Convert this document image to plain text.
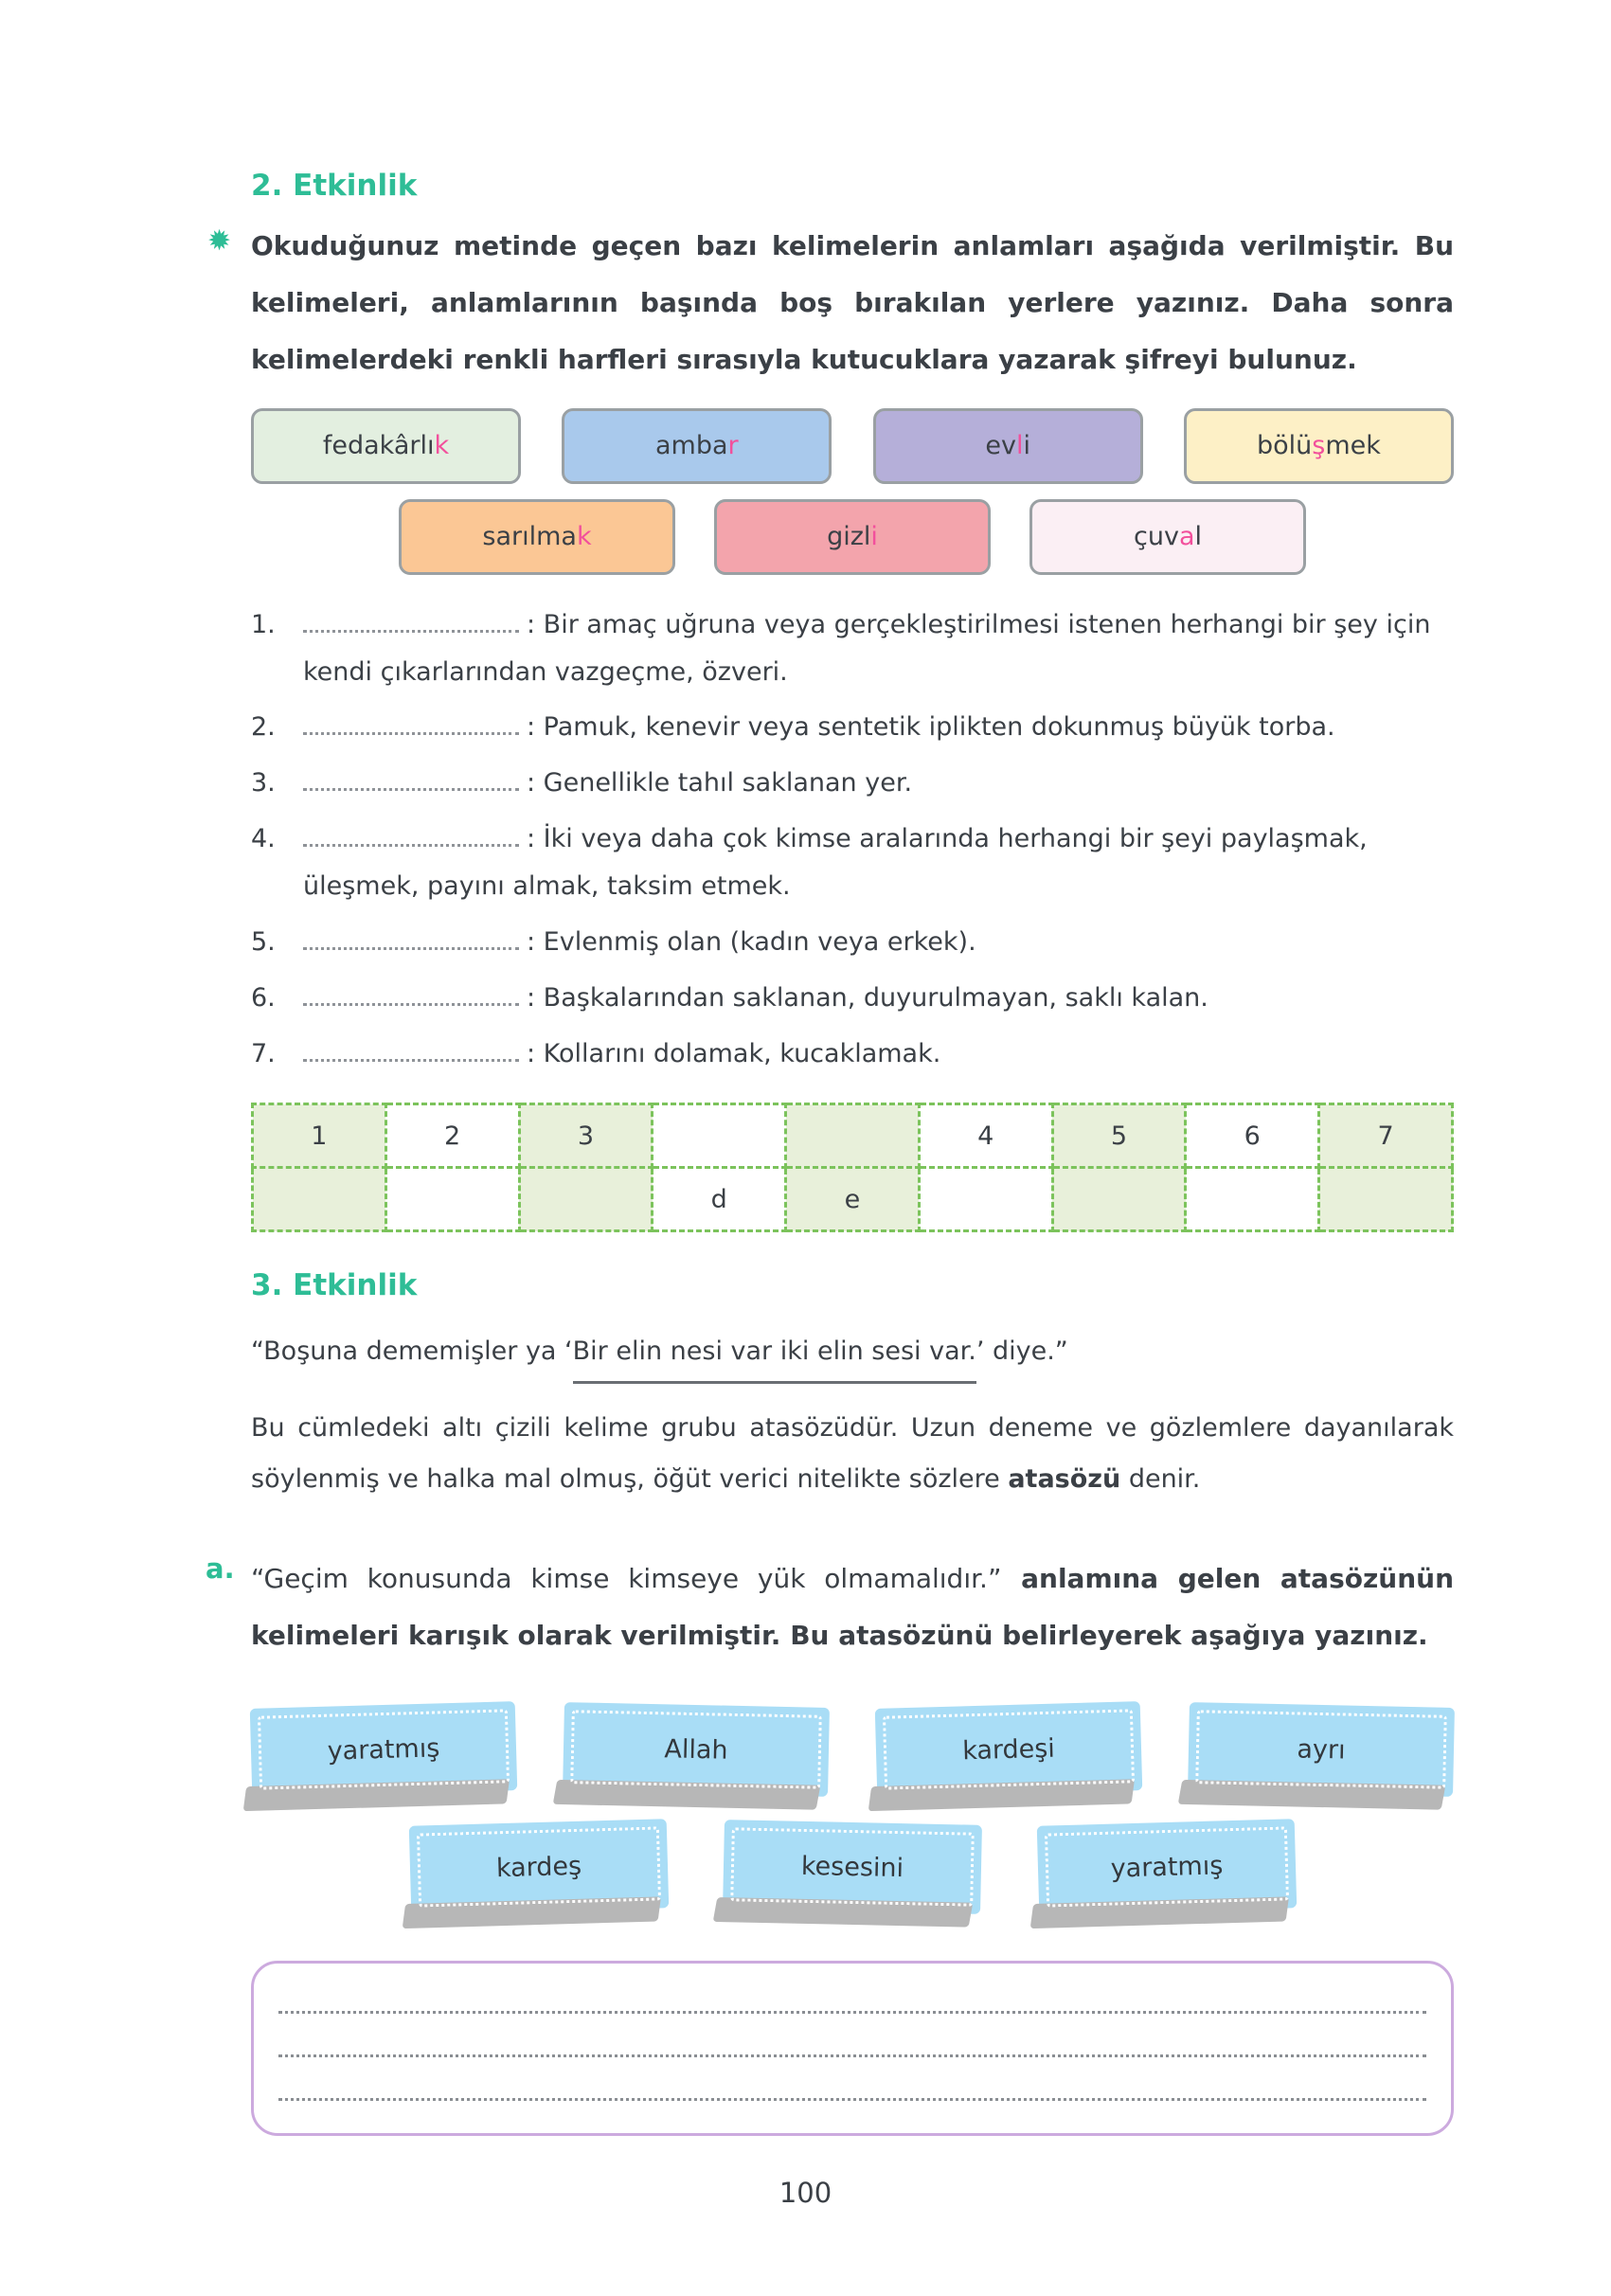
2. Etkinlik
✹ Okuduğunuz metinde geçen bazı kelimelerin anlamları aşağıda verilmiştir. Bu kelimeleri, anlamlarının başında boş bırakılan yerlere yazınız. Daha sonra kelimelerdeki renkli harfleri sırasıyla kutucuklara yazarak şifreyi bulunuz.

fedakârlık	ambar	evli	bölüşmek
sarılmak	gizli	çuval
1.	: Bir amaç uğruna veya gerçekleştirilmesi istenen herhangi bir şey için kendi çıkarlarından vazgeçme, özveri.
2.	: Pamuk, kenevir veya sentetik iplikten dokunmuş büyük torba.
3.	: Genellikle tahıl saklanan yer.
4.	: İki veya daha çok kimse aralarında herhangi bir şeyi paylaşmak, üleşmek, payını almak, taksim etmek.
5.	: Evlenmiş olan (kadın veya erkek).
6.	: Başkalarından saklanan, duyurulmayan, saklı kalan.
7.	: Kollarını dolamak, kucaklamak.
1	2	3			4	5	6	7
			d	e				
3. Etkinlik

“Boşuna dememişler ya ‘Bir elin nesi var iki elin sesi var.’ diye.”

Bu cümledeki altı çizili kelime grubu atasözüdür. Uzun deneme ve gözlemlere dayanılarak söylenmiş ve halka mal olmuş, öğüt verici nitelikte sözlere atasözü denir.

a. “Geçim konusunda kimse kimseye yük olmamalıdır.” anlamına gelen atasözünün kelimeleri karışık olarak verilmiştir. Bu atasözünü belirleyerek aşağıya yazınız.

yaratmış	Allah	kardeşi	ayrı
kardeş	kesesini	yaratmış
100
